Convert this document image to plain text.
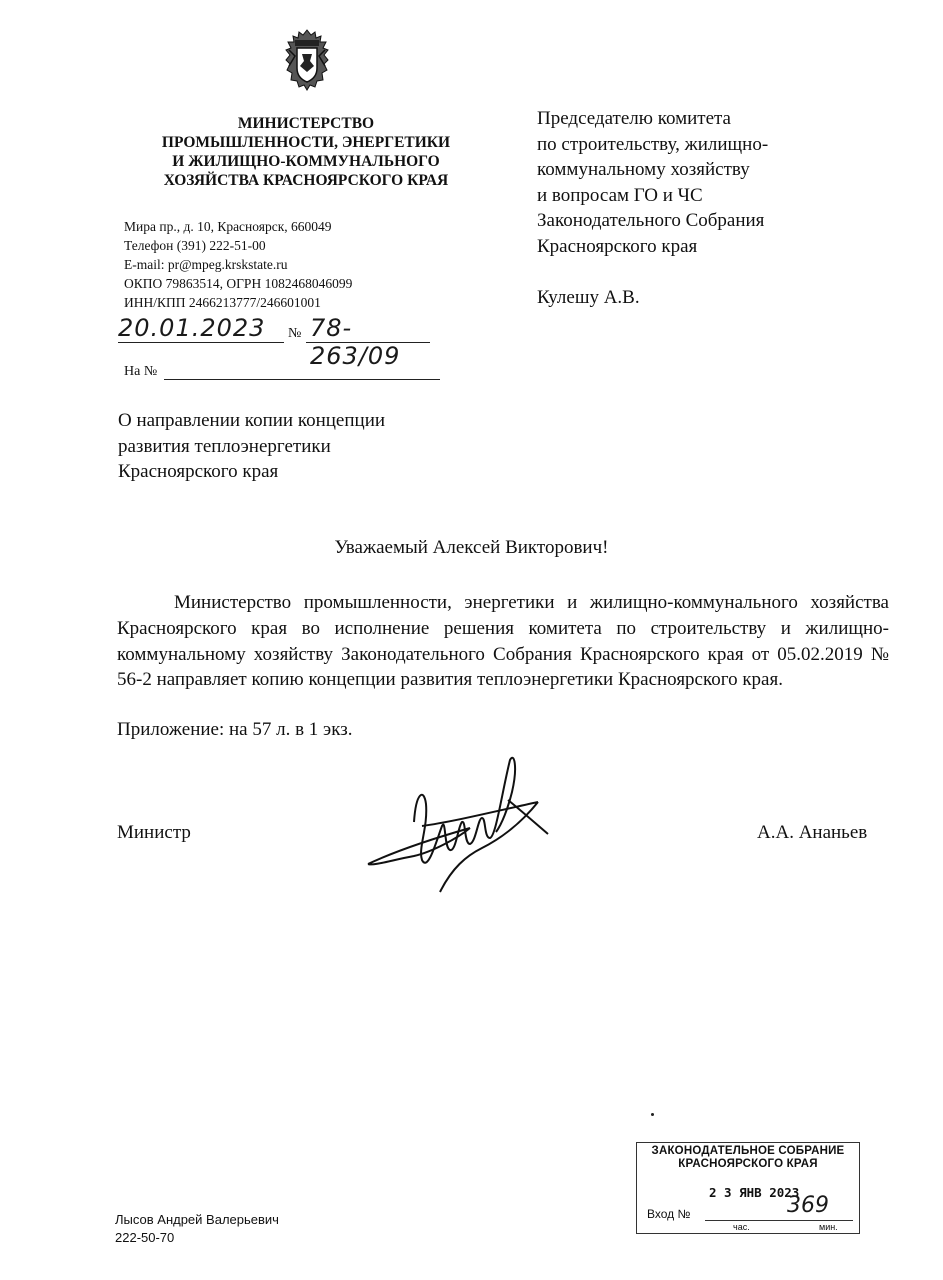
МИНИСТЕРСТВО
ПРОМЫШЛЕННОСТИ, ЭНЕРГЕТИКИ
И ЖИЛИЩНО-КОММУНАЛЬНОГО
ХОЗЯЙСТВА КРАСНОЯРСКОГО КРАЯ
Мира пр., д. 10, Красноярск, 660049
Телефон (391) 222-51-00
E-mail: pr@mpeg.krskstate.ru
ОКПО 79863514, ОГРН 1082468046099
ИНН/КПП 2466213777/246601001
20.01.2023 № 78-263/09
На №
Председателю комитета
по строительству, жилищно-
коммунальному хозяйству
и вопросам ГО и ЧС
Законодательного Собрания
Красноярского края
Кулешу А.В.
О направлении копии концепции
развития теплоэнергетики
Красноярского края
Уважаемый Алексей Викторович!

Министерство промышленности, энергетики и жилищно-коммунального хозяйства Красноярского края во исполнение решения комитета по строительству и жилищно-коммунальному хозяйству Законодательного Собрания Красноярского края от 05.02.2019 № 56-2 направляет копию концепции развития теплоэнергетики Красноярского края.

Приложение: на 57 л. в 1 экз.
Министр	А.А. Ананьев
Лысов Андрей Валерьевич
222-50-70
ЗАКОНОДАТЕЛЬНОЕ СОБРАНИЕ
КРАСНОЯРСКОГО КРАЯ
2 3 ЯНВ 2023
Вход №	369
час.	мин.
